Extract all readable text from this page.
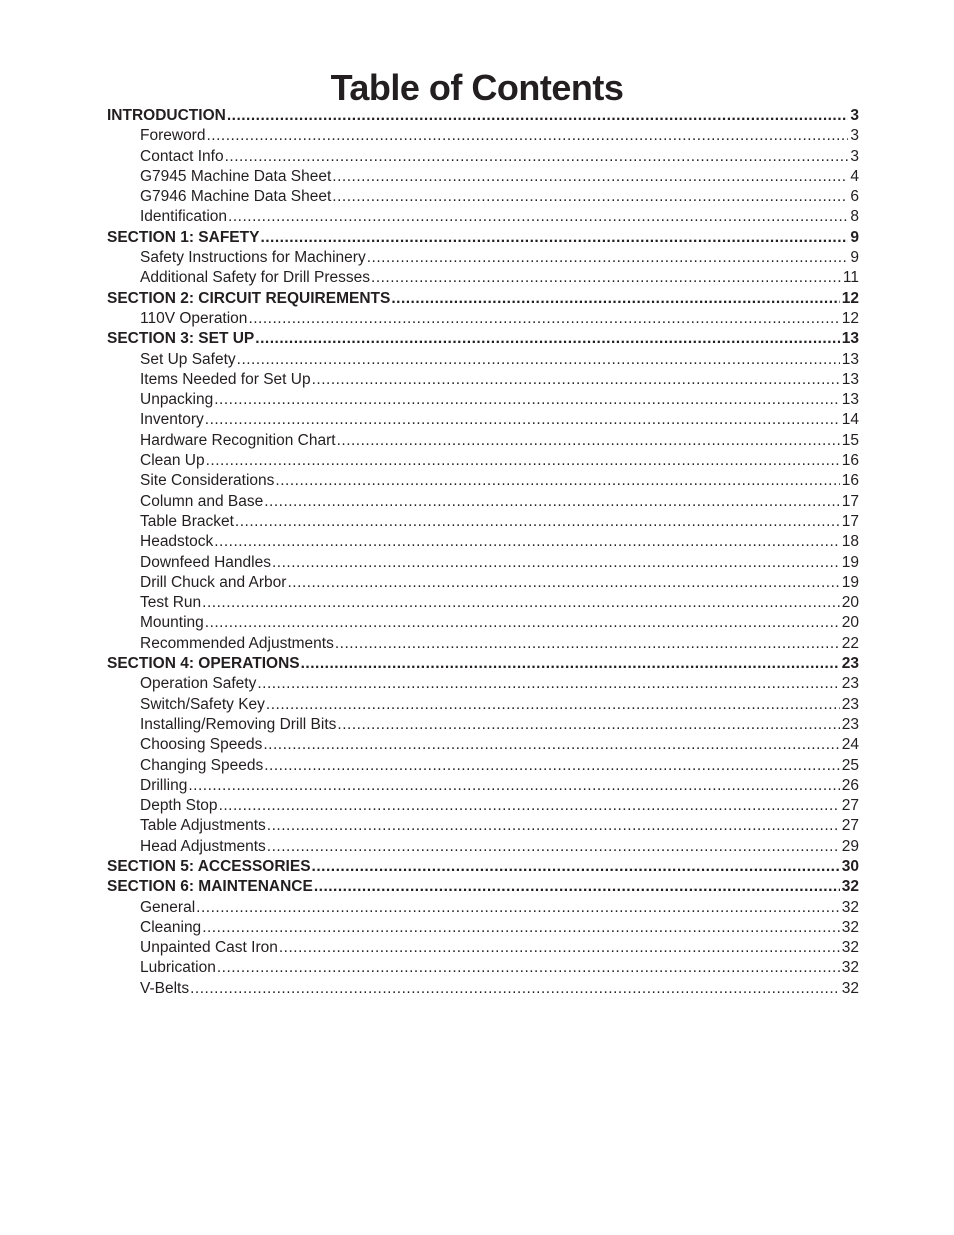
Table of Contents
INTRODUCTION .....	3
Foreword .....	3
Contact Info .....	3
G7945 Machine Data Sheet .....	4
G7946 Machine Data Sheet .....	6
Identification .....	8
SECTION 1: SAFETY .....	9
Safety Instructions for Machinery .....	9
Additional Safety for Drill Presses .....	11
SECTION 2: CIRCUIT REQUIREMENTS .....	12
110V Operation .....	12
SECTION 3: SET UP .....	13
Set Up Safety .....	13
Items Needed for Set Up .....	13
Unpacking .....	13
Inventory .....	14
Hardware Recognition Chart .....	15
Clean Up .....	16
Site Considerations .....	16
Column and Base .....	17
Table Bracket .....	17
Headstock .....	18
Downfeed Handles .....	19
Drill Chuck and Arbor .....	19
Test Run .....	20
Mounting .....	20
Recommended Adjustments .....	22
SECTION 4: OPERATIONS .....	23
Operation Safety .....	23
Switch/Safety Key .....	23
Installing/Removing Drill Bits .....	23
Choosing Speeds .....	24
Changing Speeds .....	25
Drilling .....	26
Depth Stop .....	27
Table Adjustments .....	27
Head Adjustments .....	29
SECTION 5: ACCESSORIES .....	30
SECTION 6: MAINTENANCE .....	32
General .....	32
Cleaning .....	32
Unpainted Cast Iron .....	32
Lubrication .....	32
V-Belts .....	32
